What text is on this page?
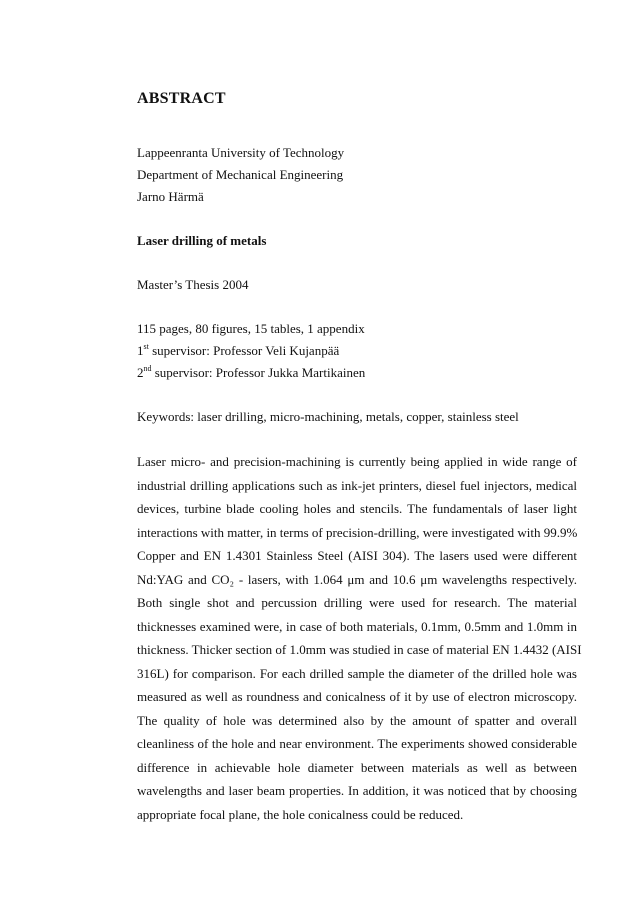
ABSTRACT
Lappeenranta University of Technology
Department of Mechanical Engineering
Jarno Härmä
Laser drilling of metals
Master’s Thesis 2004
115 pages, 80 figures, 15 tables, 1 appendix
1st supervisor: Professor Veli Kujanpää
2nd supervisor: Professor Jukka Martikainen
Keywords: laser drilling, micro-machining, metals, copper, stainless steel
Laser micro- and precision-machining is currently being applied in wide range of
industrial drilling applications such as ink-jet printers, diesel fuel injectors, medical
devices, turbine blade cooling holes and stencils. The fundamentals of laser light
interactions with matter, in terms of precision-drilling, were investigated with 99.9%
Copper and EN 1.4301 Stainless Steel (AISI 304). The lasers used were different
Nd:YAG and CO₂ - lasers, with 1.064 μm and 10.6 μm wavelengths respectively.
Both single shot and percussion drilling were used for research. The material
thicknesses examined were, in case of both materials, 0.1mm, 0.5mm and 1.0mm in
thickness. Thicker section of 1.0mm was studied in case of material EN 1.4432 (AISI
316L) for comparison. For each drilled sample the diameter of the drilled hole was
measured as well as roundness and conicalness of it by use of electron microscopy.
The quality of hole was determined also by the amount of spatter and overall
cleanliness of the hole and near environment. The experiments showed considerable
difference in achievable hole diameter between materials as well as between
wavelengths and laser beam properties. In addition, it was noticed that by choosing
appropriate focal plane, the hole conicalness could be reduced.
